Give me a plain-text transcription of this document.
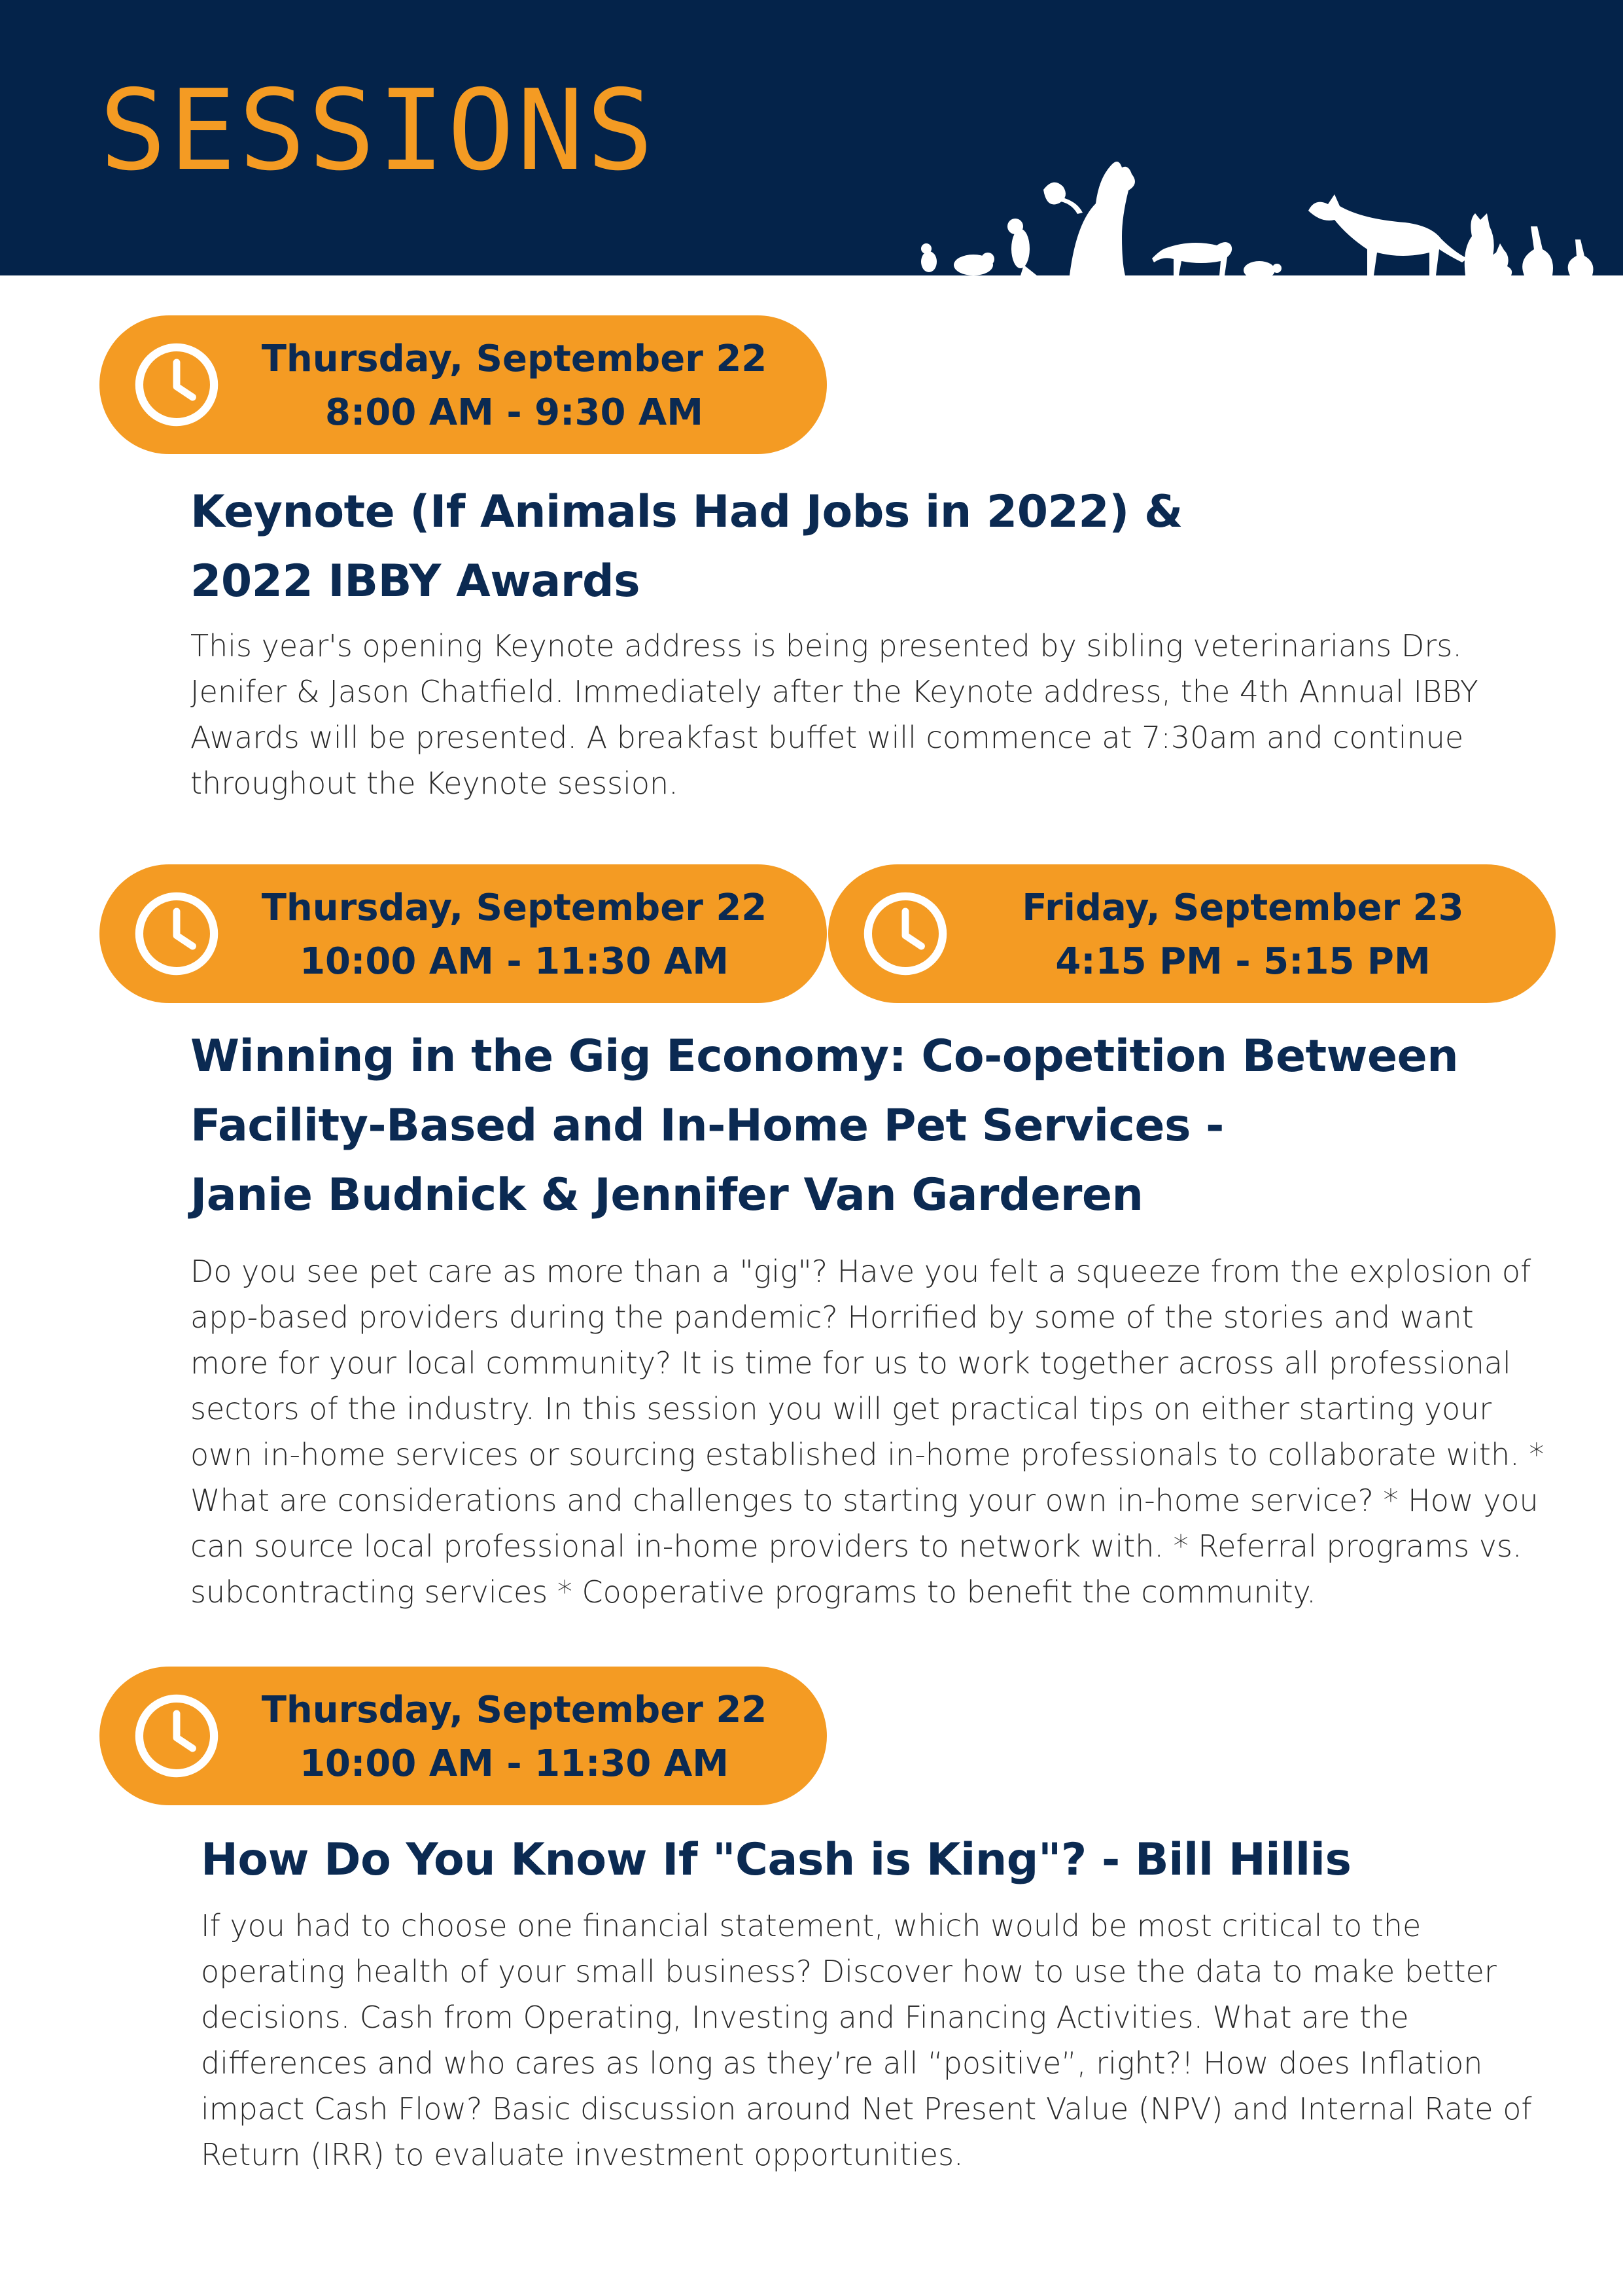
SESSIONS
Thursday, September 22
8:00 AM - 9:30 AM
Keynote (If Animals Had Jobs in 2022) &
2022 IBBY Awards

This year's opening Keynote address is being presented by sibling veterinarians Drs. Jenifer & Jason Chatfield. Immediately after the Keynote address, the 4th Annual IBBY Awards will be presented. A breakfast buffet will commence at 7:30am and continue throughout the Keynote session.

Thursday, September 22
10:00 AM - 11:30 AM
Friday, September 23
4:15 PM - 5:15 PM
Winning in the Gig Economy: Co-opetition Between
Facility-Based and In-Home Pet Services -
Janie Budnick & Jennifer Van Garderen

Do you see pet care as more than a "gig"? Have you felt a squeeze from the explosion of app-based providers during the pandemic? Horrified by some of the stories and want more for your local community? It is time for us to work together across all professional sectors of the industry. In this session you will get practical tips on either starting your own in-home services or sourcing established in-home professionals to collaborate with. * What are considerations and challenges to starting your own in-home service? * How you can source local professional in-home providers to network with. * Referral programs vs. subcontracting services * Cooperative programs to benefit the community.

Thursday, September 22
10:00 AM - 11:30 AM
How Do You Know If "Cash is King"? - Bill Hillis

If you had to choose one financial statement, which would be most critical to the operating health of your small business? Discover how to use the data to make better decisions. Cash from Operating, Investing and Financing Activities. What are the differences and who cares as long as they’re all “positive”, right?! How does Inflation impact Cash Flow? Basic discussion around Net Present Value (NPV) and Internal Rate of Return (IRR) to evaluate investment opportunities.
